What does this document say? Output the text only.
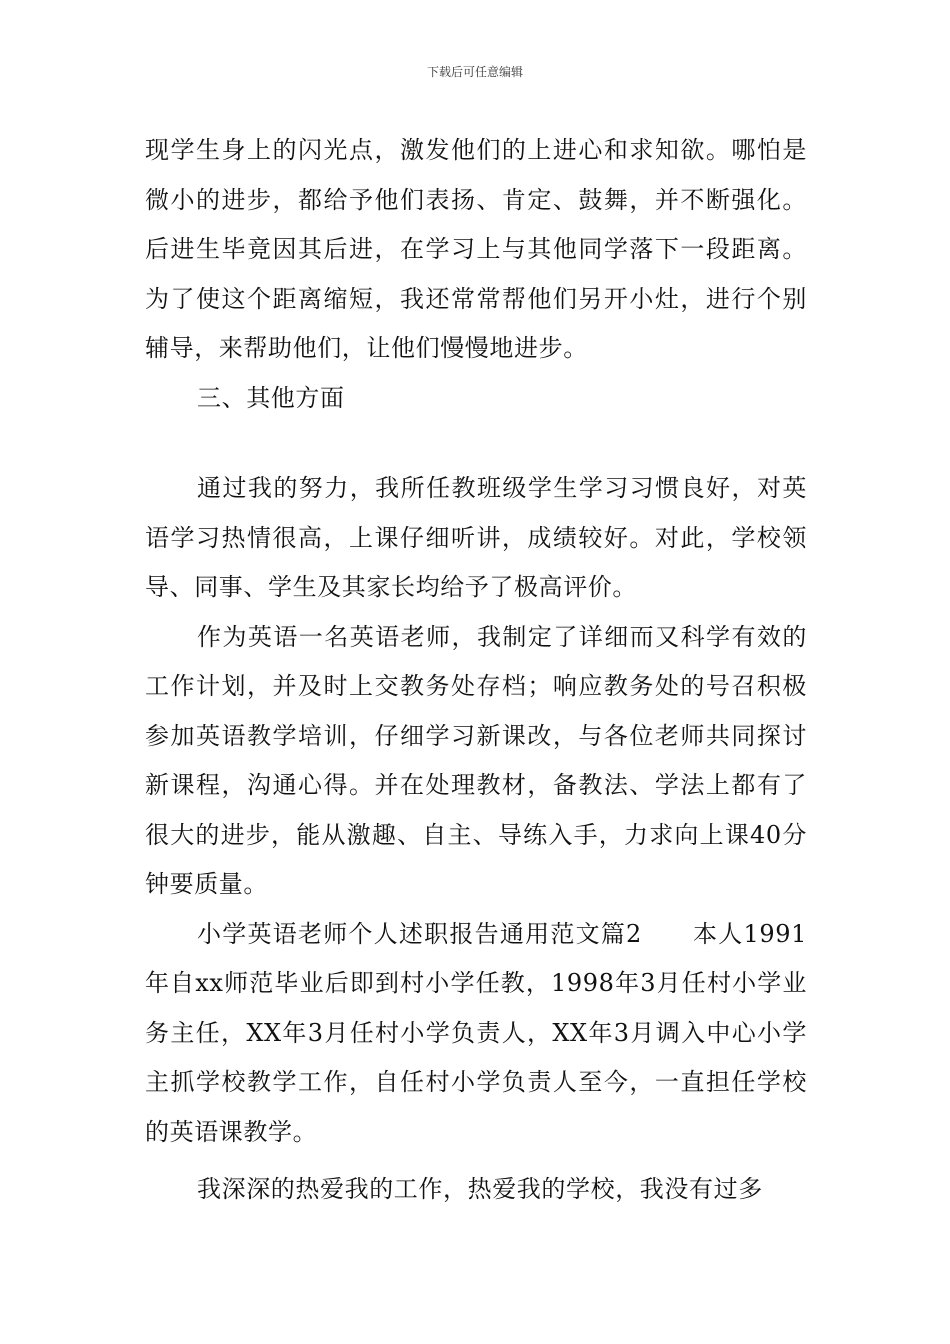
下载后可任意编辑

现学生身上的闪光点，激发他们的上进心和求知欲。哪怕是微小的进步，都给予他们表扬、肯定、鼓舞，并不断强化。后进生毕竟因其后进，在学习上与其他同学落下一段距离。为了使这个距离缩短，我还常常帮他们另开小灶，进行个别辅导，来帮助他们，让他们慢慢地进步。

三、其他方面

通过我的努力，我所任教班级学生学习习惯良好，对英语学习热情很高，上课仔细听讲，成绩较好。对此，学校领导、同事、学生及其家长均给予了极高评价。

作为英语一名英语老师，我制定了详细而又科学有效的工作计划，并及时上交教务处存档；响应教务处的号召积极参加英语教学培训，仔细学习新课改，与各位老师共同探讨新课程，沟通心得。并在处理教材，备教法、学法上都有了很大的进步，能从激趣、自主、导练入手，力求向上课40分钟要质量。

小学英语老师个人述职报告通用范文篇2　　本人1991年自xx师范毕业后即到村小学任教，1998年3月任村小学业务主任，XX年3月任村小学负责人，XX年3月调入中心小学主抓学校教学工作，自任村小学负责人至今，一直担任学校的英语课教学。

我深深的热爱我的工作，热爱我的学校，我没有过多
